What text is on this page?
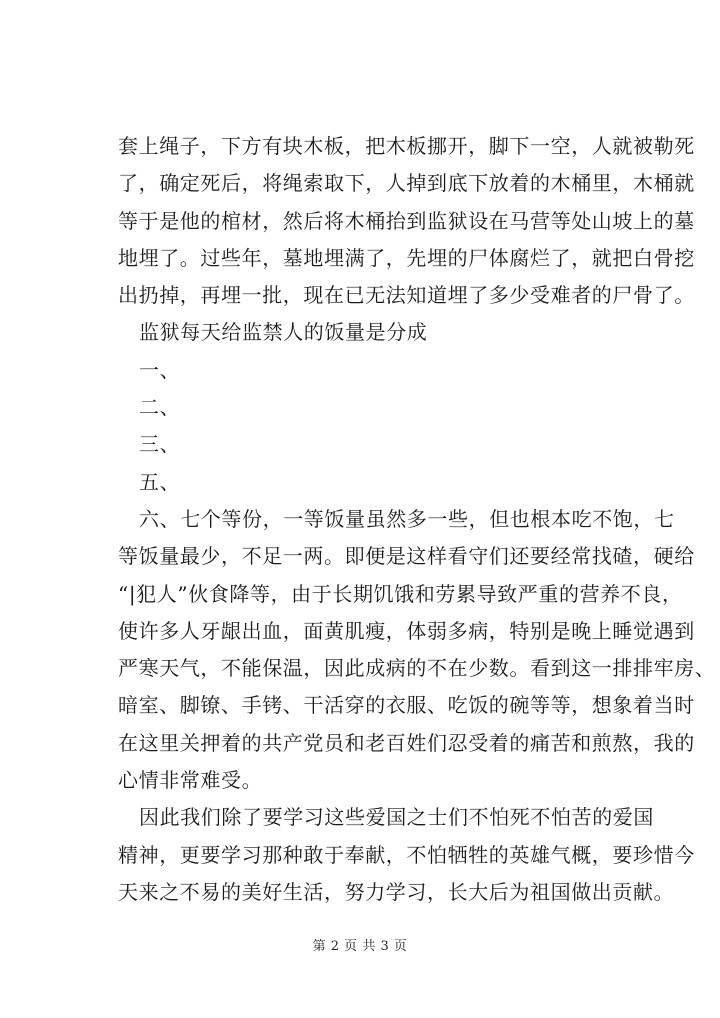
套上绳子，下方有块木板，把木板挪开，脚下一空，人就被勒死
了，确定死后，将绳索取下，人掉到底下放着的木桶里，木桶就
等于是他的棺材，然后将木桶抬到监狱设在马营等处山坡上的墓
地埋了。过些年，墓地埋满了，先埋的尸体腐烂了，就把白骨挖
出扔掉，再埋一批，现在已无法知道埋了多少受难者的尸骨了。

监狱每天给监禁人的饭量是分成

一、

二、

三、

五、

六、七个等份，一等饭量虽然多一些，但也根本吃不饱，七
等饭量最少，不足一两。即便是这样看守们还要经常找碴，硬给
“|犯人”伙食降等，由于长期饥饿和劳累导致严重的营养不良，
使许多人牙龈出血，面黄肌瘦，体弱多病，特别是晚上睡觉遇到
严寒天气，不能保温，因此成病的不在少数。看到这一排排牢房、
暗室、脚镣、手铐、干活穿的衣服、吃饭的碗等等，想象着当时
在这里关押着的共产党员和老百姓们忍受着的痛苦和煎熬，我的
心情非常难受。

因此我们除了要学习这些爱国之士们不怕死不怕苦的爱国
精神，更要学习那种敢于奉献，不怕牺牲的英雄气概，要珍惜今
天来之不易的美好生活，努力学习，长大后为祖国做出贡献。

第 2 页 共 3 页
